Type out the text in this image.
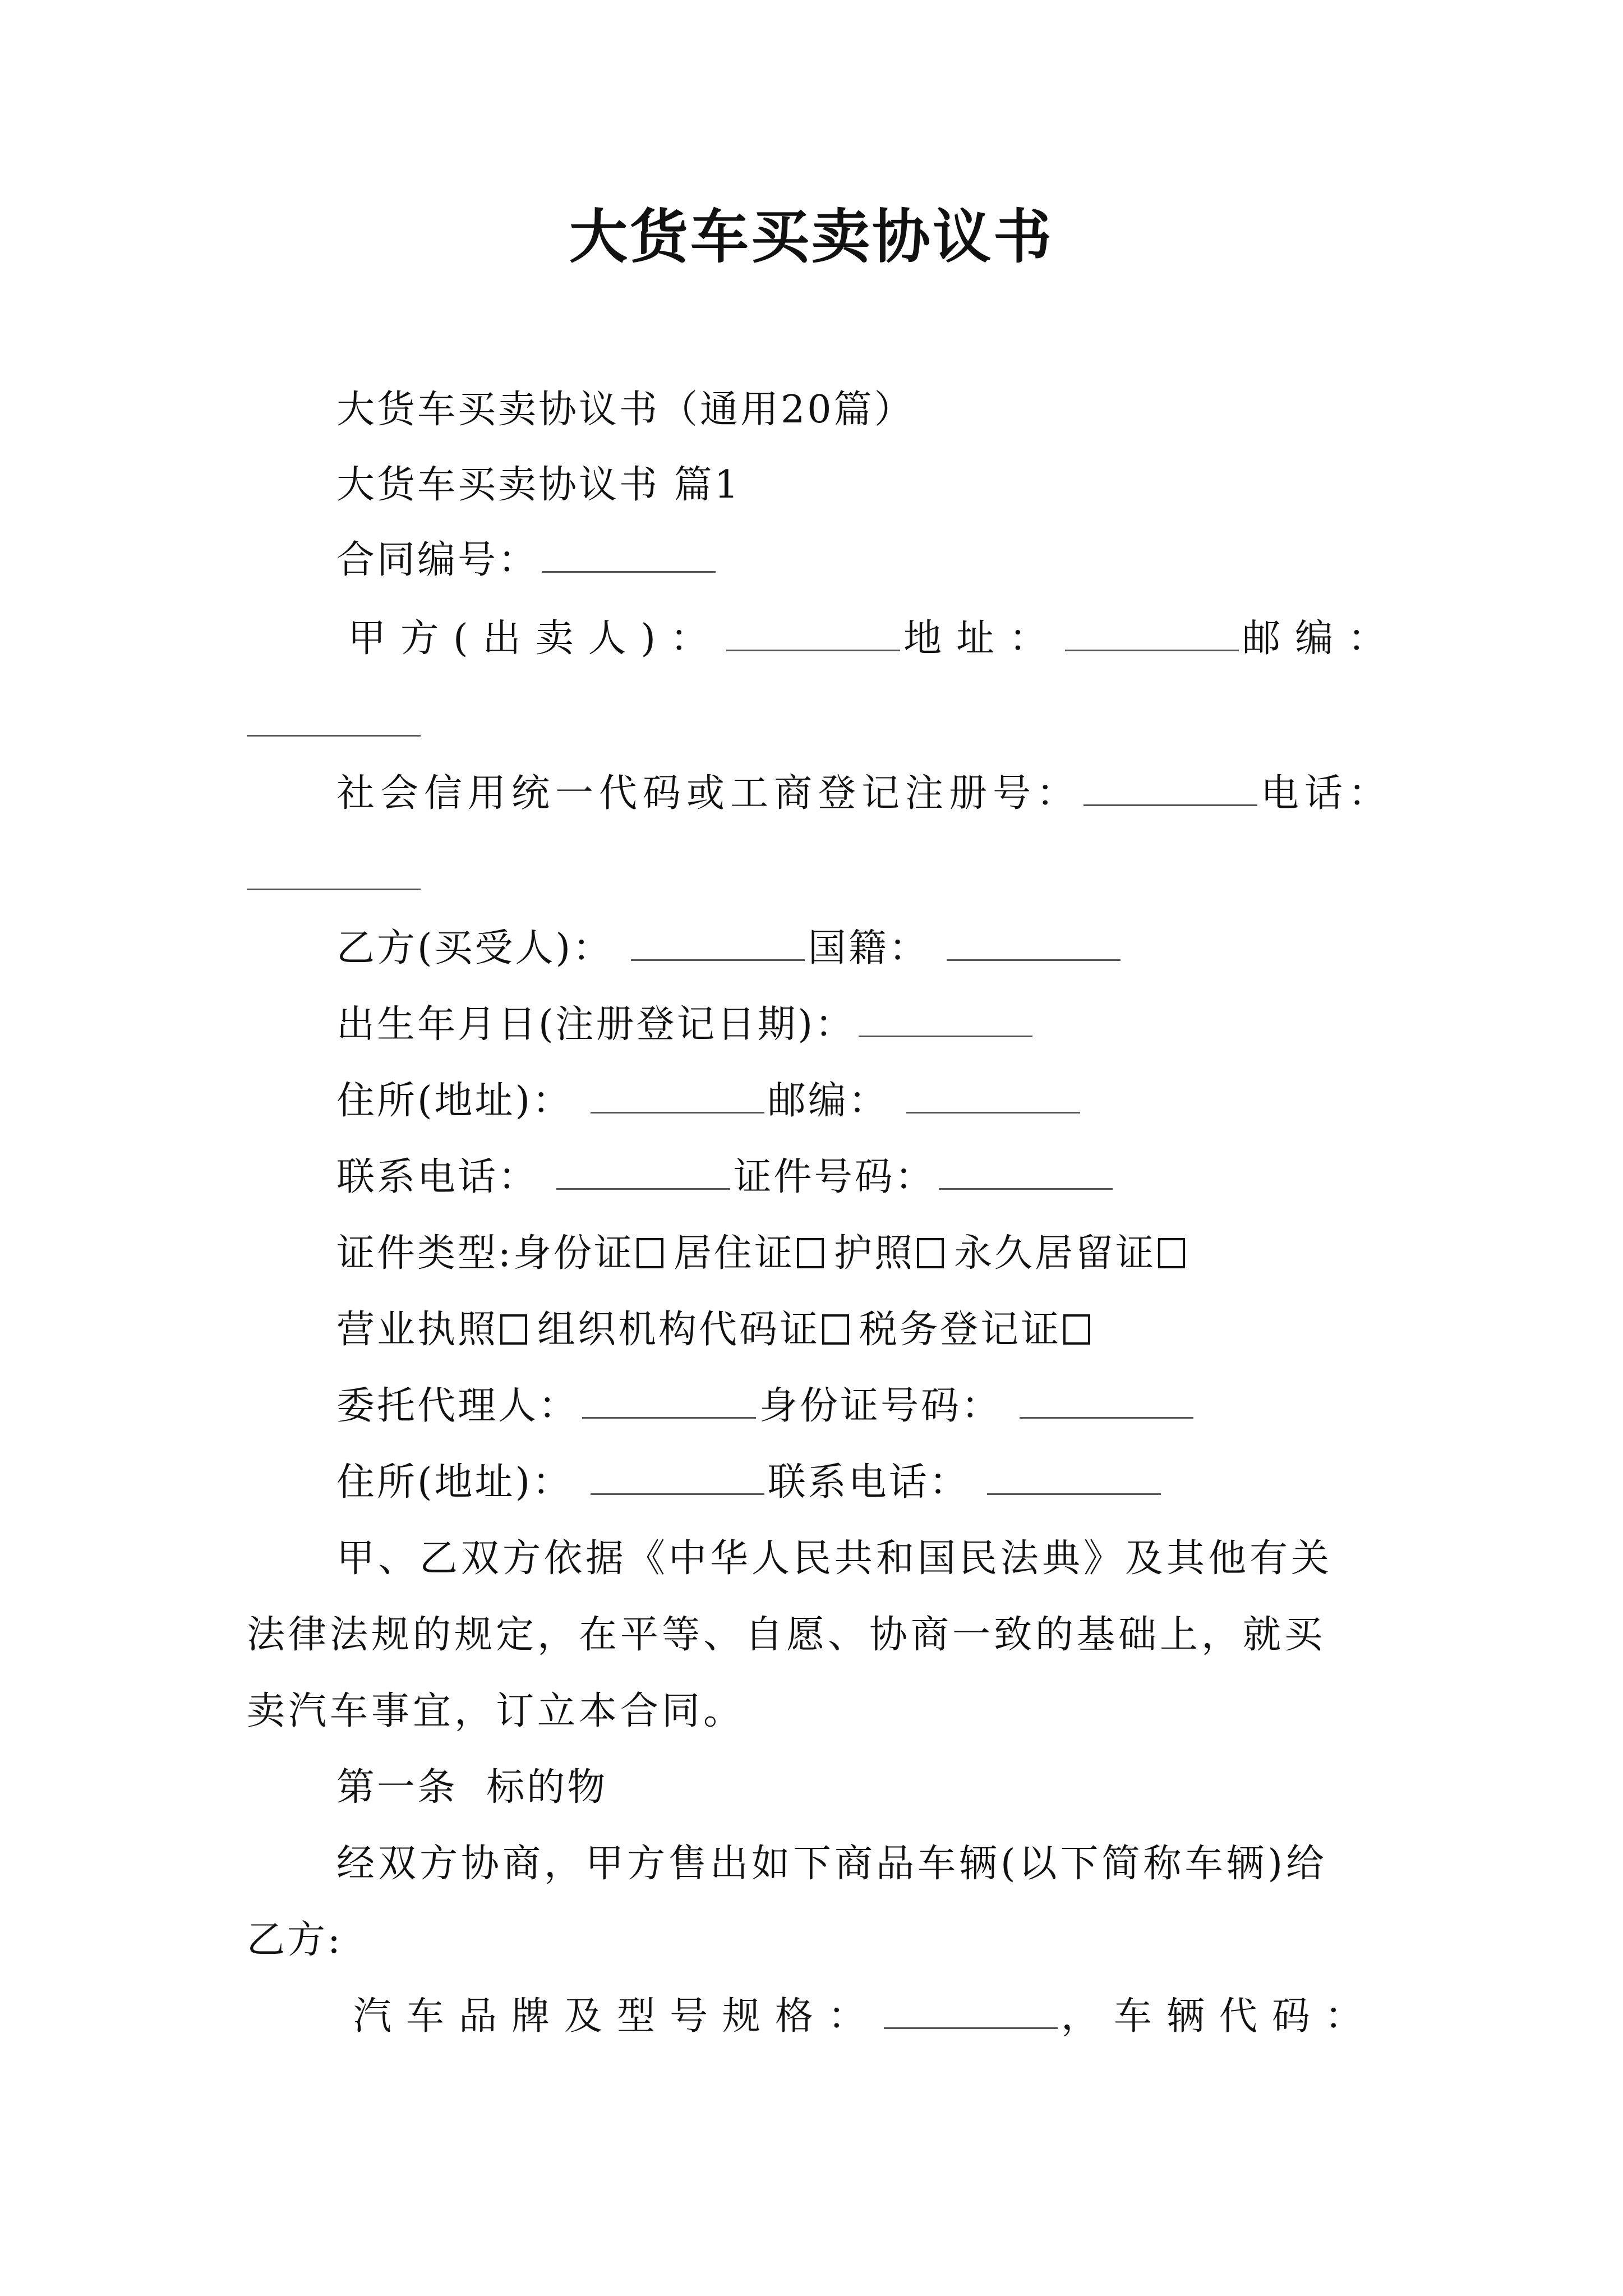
大货车买卖协议书
大货车买卖协议书（通用20篇）
大货车买卖协议书 篇1
合同编号：
甲方(出卖人)：	地址：	邮编：
社会信用统一代码或工商登记注册号：	电话：
乙方(买受人)：	国籍：
出生年月日(注册登记日期)：
住所(地址)：	邮编：
联系电话：	证件号码：
证件类型:身份证 居住证 护照 永久居留证
营业执照 组织机构代码证 税务登记证
委托代理人：	身份证号码：
住所(地址)：	联系电话：
甲、乙双方依据《中华人民共和国民法典》及其他有关
法律法规的规定，在平等、自愿、协商一致的基础上，就买
卖汽车事宜，订立本合同。
第一条  标的物
经双方协商，甲方售出如下商品车辆(以下简称车辆)给
乙方:
汽车品牌及型号规格：	，车辆代码：
